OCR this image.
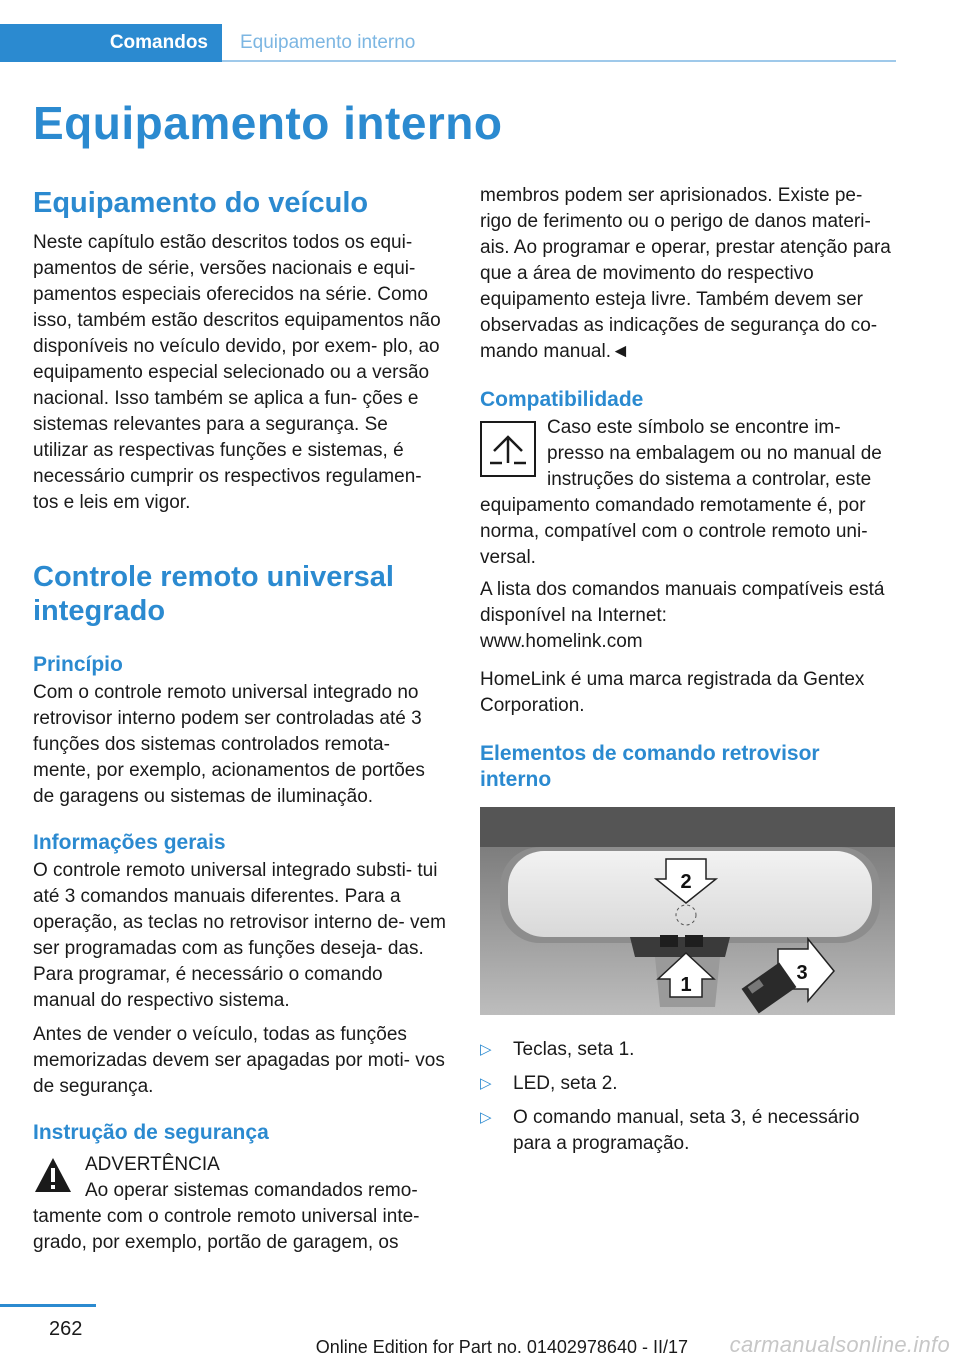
Comandos	Equipamento interno
Equipamento interno
Equipamento do veículo

Neste capítulo estão descritos todos os equi- pamentos de série, versões nacionais e equi- pamentos especiais oferecidos na série. Como isso, também estão descritos equipamentos não disponíveis no veículo devido, por exem- plo, ao equipamento especial selecionado ou a versão nacional. Isso também se aplica a fun- ções e sistemas relevantes para a segurança. Se utilizar as respectivas funções e sistemas, é necessário cumprir os respectivos regulamen- tos e leis em vigor.

Controle remoto universal integrado
Princípio

Com o controle remoto universal integrado no retrovisor interno podem ser controladas até 3 funções dos sistemas controlados remota- mente, por exemplo, acionamentos de portões de garagens ou sistemas de iluminação.

Informações gerais

O controle remoto universal integrado substi- tui até 3 comandos manuais diferentes. Para a operação, as teclas no retrovisor interno de- vem ser programadas com as funções deseja- das. Para programar, é necessário o comando manual do respectivo sistema.

Antes de vender o veículo, todas as funções memorizadas devem ser apagadas por moti- vos de segurança.

Instrução de segurança

ADVERTÊNCIA

Ao operar sistemas comandados remo-

tamente com o controle remoto universal inte- grado, por exemplo, portão de garagem, os

membros podem ser aprisionados. Existe pe- rigo de ferimento ou o perigo de danos materi- ais. Ao programar e operar, prestar atenção para que a área de movimento do respectivo equipamento esteja livre. Também devem ser observadas as indicações de segurança do co- mando manual.◄

Compatibilidade

Caso este símbolo se encontre im- presso na embalagem ou no manual de instruções do sistema a controlar, este

equipamento comandado remotamente é, por norma, compatível com o controle remoto uni- versal.

A lista dos comandos manuais compatíveis está disponível na Internet:

www.homelink.com

HomeLink é uma marca registrada da Gentex Corporation.

Elementos de comando retrovisor interno
2
1
3
▷ Teclas, seta 1.
▷ LED, seta 2.
▷ O comando manual, seta 3, é necessário para a programação.
262
Online Edition for Part no. 01402978640 - II/17 carmanualsonline.info
